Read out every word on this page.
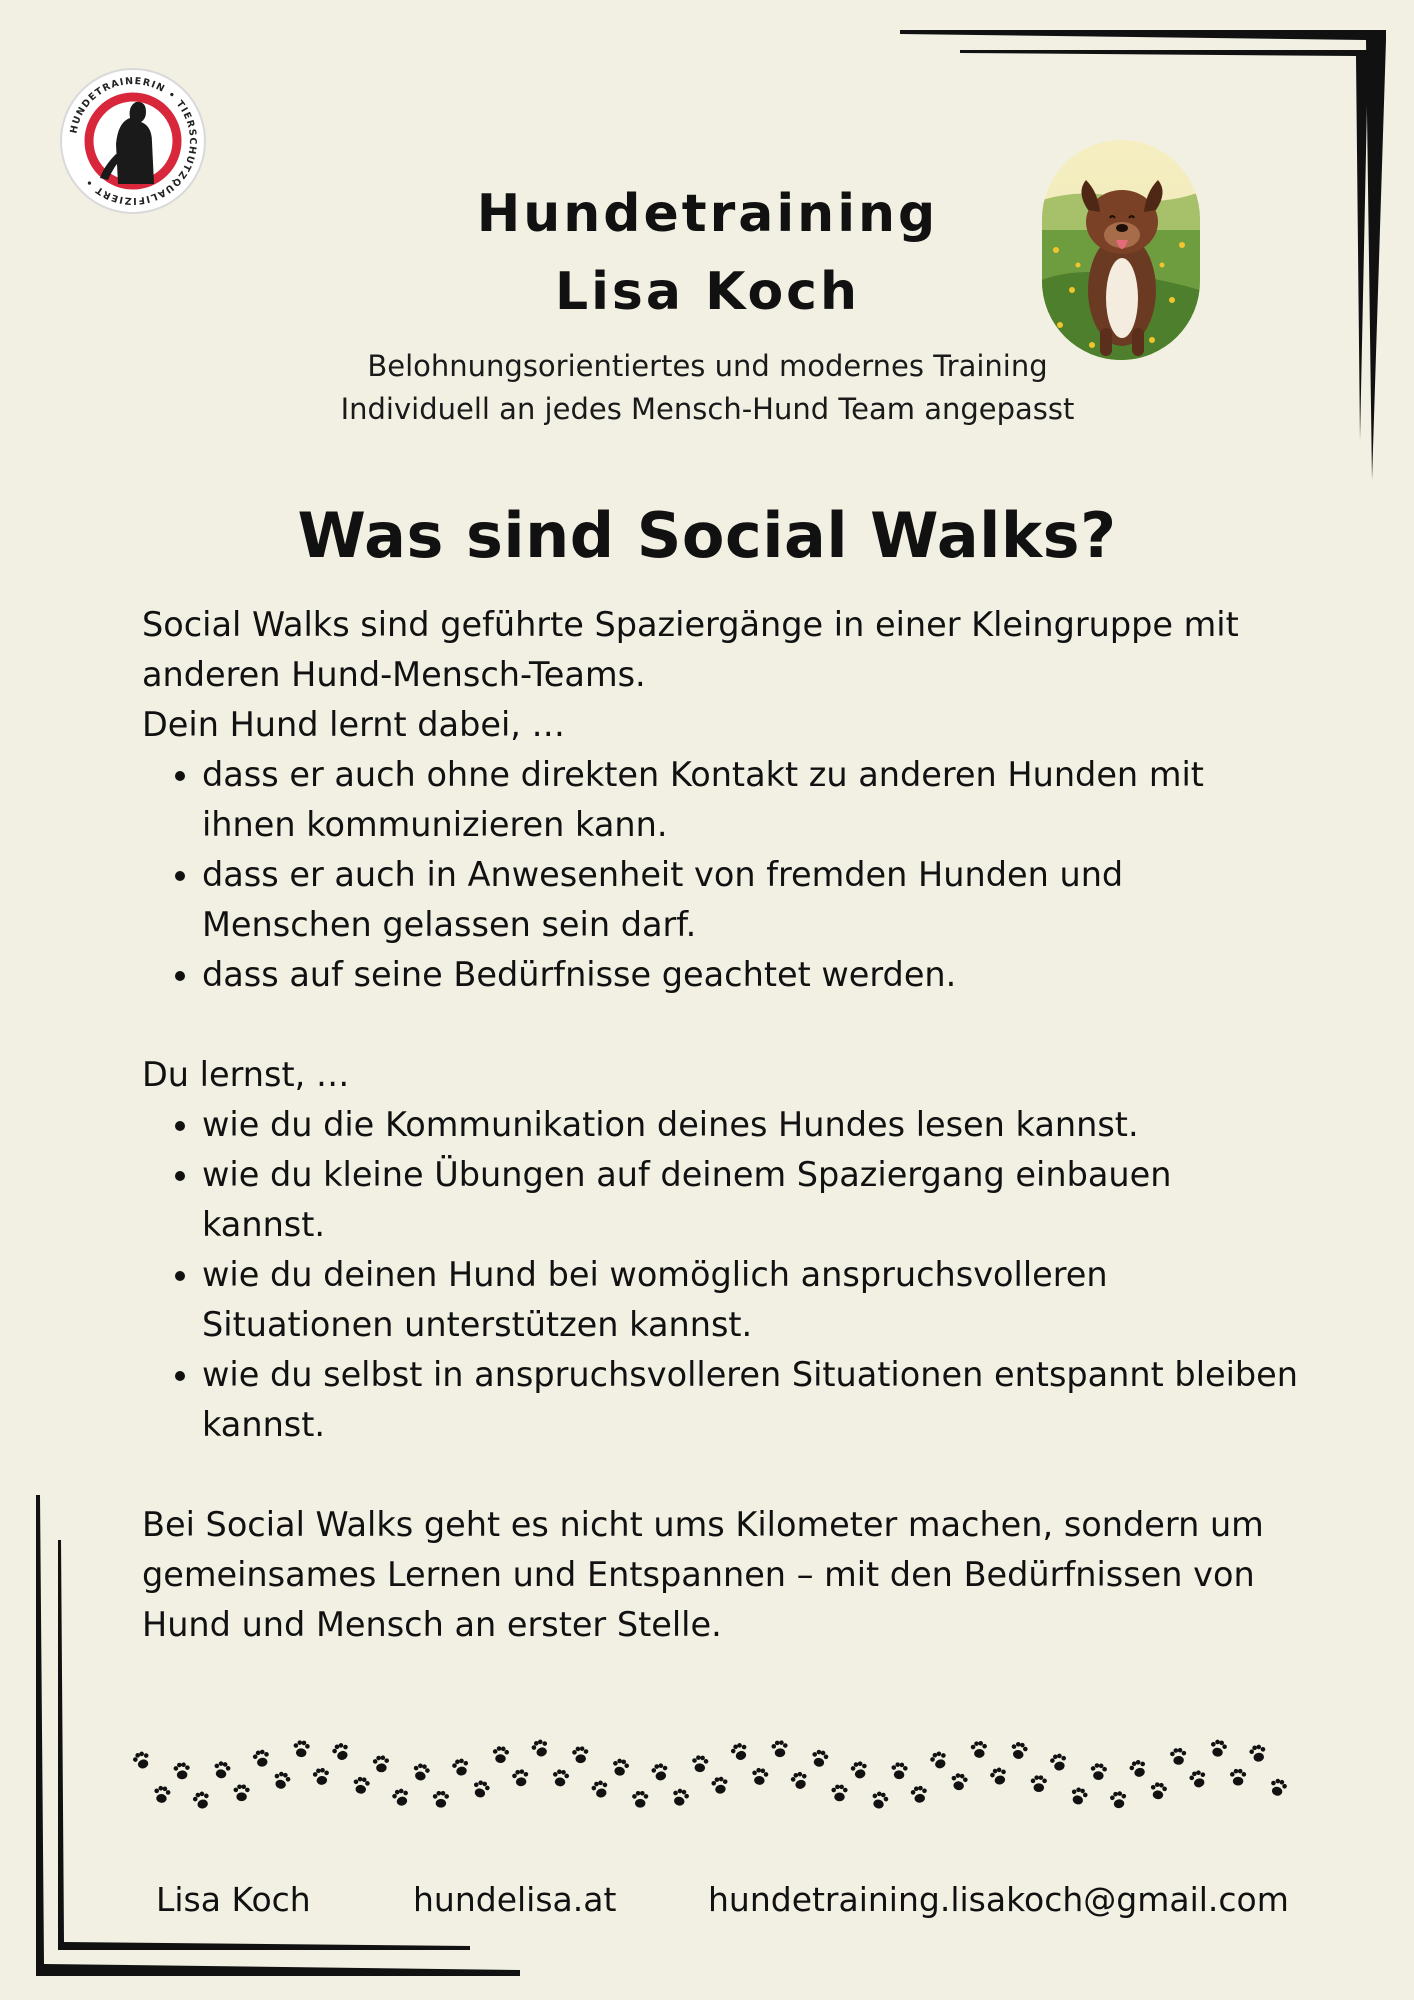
HUNDETRAINERIN • TIERSCHUTZQUALIFIZIERT •
Hundetraining
Lisa Koch

Belohnungsorientiertes und modernes Training

Individuell an jedes Mensch-Hund Team angepasst

Was sind Social Walks?

Social Walks sind geführte Spaziergänge in einer Kleingruppe mit anderen Hund-Mensch-Teams.

Dein Hund lernt dabei, …

• dass er auch ohne direkten Kontakt zu anderen Hunden mit ihnen kommunizieren kann.
• dass er auch in Anwesenheit von fremden Hunden und Menschen gelassen sein darf.
• dass auf seine Bedürfnisse geachtet werden.

Du lernst, …

• wie du die Kommunikation deines Hundes lesen kannst.
• wie du kleine Übungen auf deinem Spaziergang einbauen kannst.
• wie du deinen Hund bei womöglich anspruchsvolleren Situationen unterstützen kannst.
• wie du selbst in anspruchsvolleren Situationen entspannt bleiben kannst.

Bei Social Walks geht es nicht ums Kilometer machen, sondern um gemeinsames Lernen und Entspannen – mit den Bedürfnissen von Hund und Mensch an erster Stelle.

Lisa Koch	hundelisa.at	hundetraining.lisakoch@gmail.com
